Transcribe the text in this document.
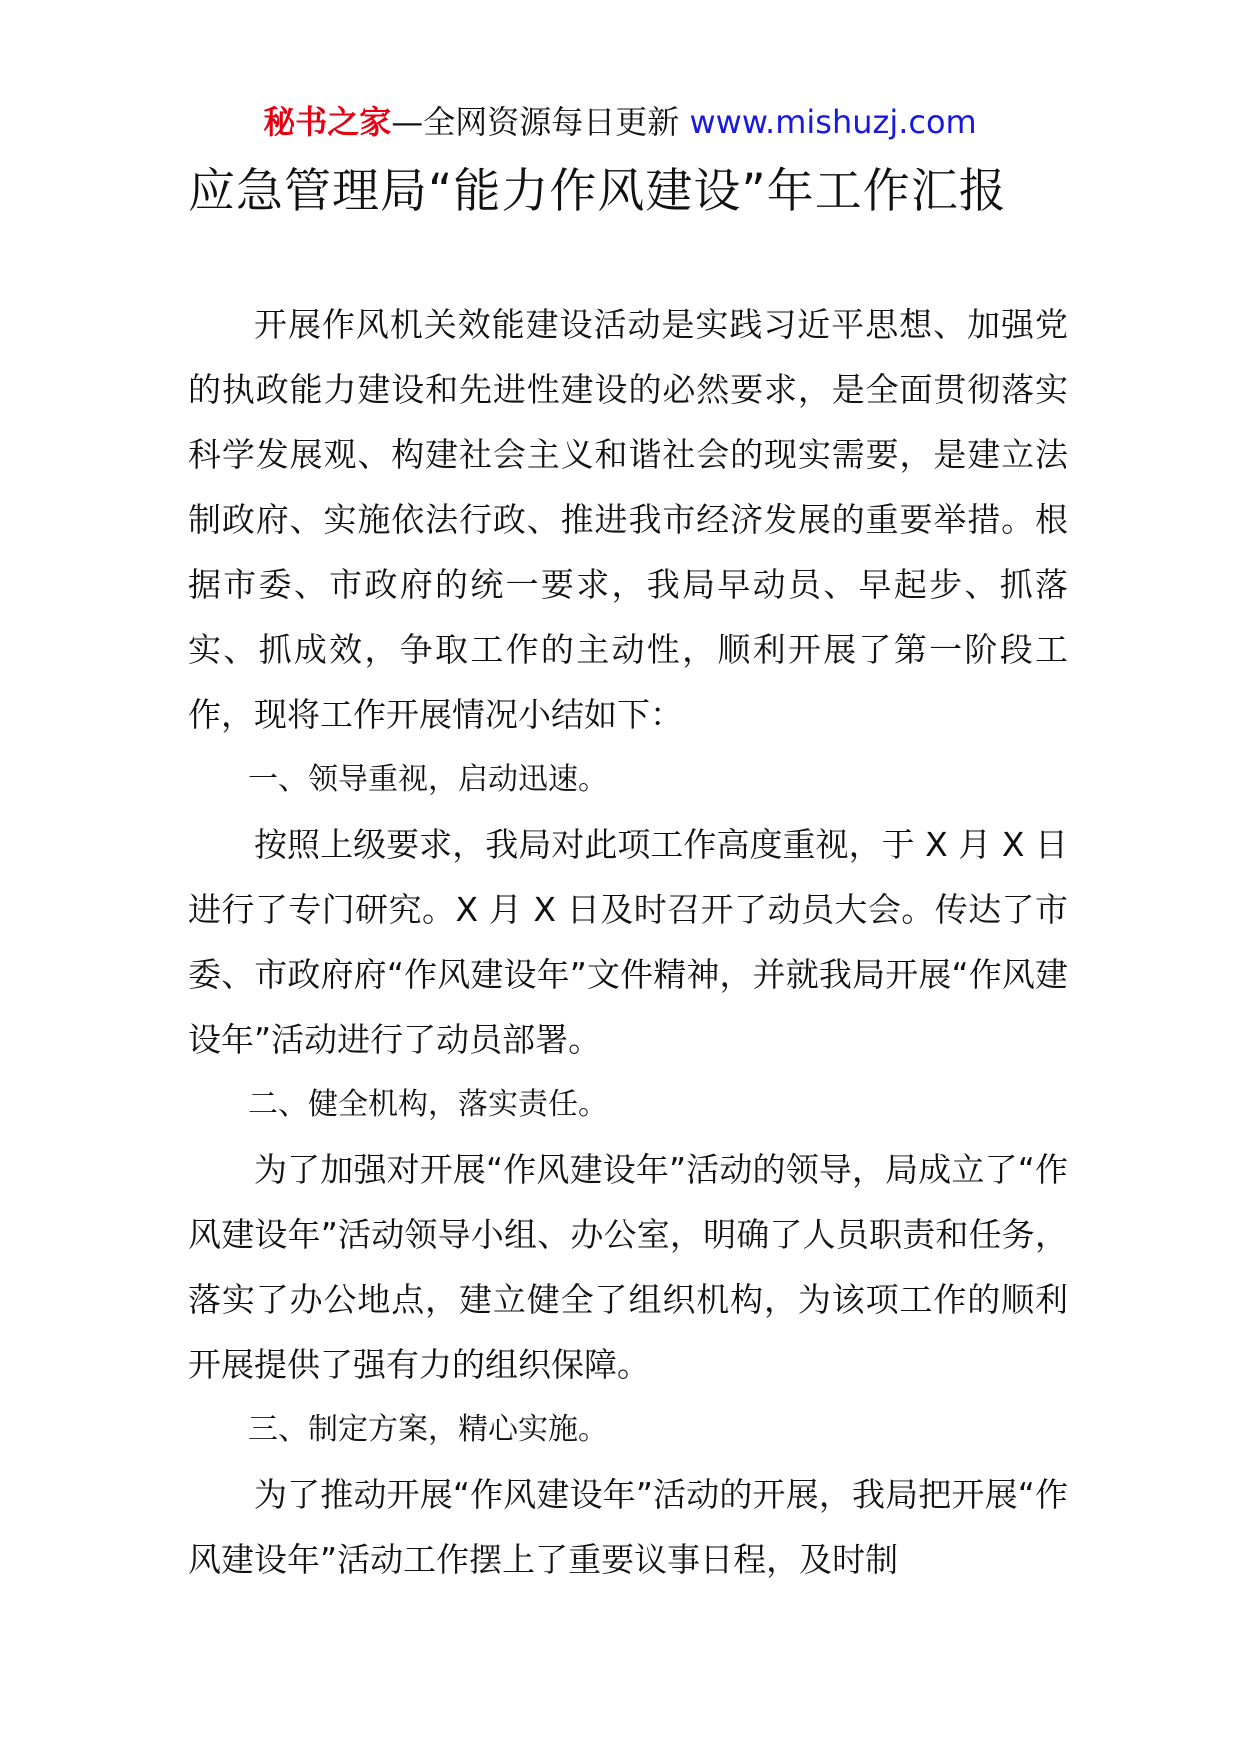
秘书之家—全网资源每日更新 www.mishuzj.com
应急管理局“能力作风建设”年工作汇报

开展作风机关效能建设活动是实践习近平思想、加强党的执政能力建设和先进性建设的必然要求，是全面贯彻落实科学发展观、构建社会主义和谐社会的现实需要，是建立法制政府、实施依法行政、推进我市经济发展的重要举措。根据市委、市政府的统一要求，我局早动员、早起步、抓落实、抓成效，争取工作的主动性，顺利开展了第一阶段工作，现将工作开展情况小结如下：

一、领导重视，启动迅速。

按照上级要求，我局对此项工作高度重视，于 X 月 X 日进行了专门研究。X 月 X 日及时召开了动员大会。传达了市委、市政府府“作风建设年”文件精神，并就我局开展“作风建设年”活动进行了动员部署。

二、健全机构，落实责任。

为了加强对开展“作风建设年”活动的领导，局成立了“作风建设年”活动领导小组、办公室，明确了人员职责和任务，落实了办公地点，建立健全了组织机构，为该项工作的顺利开展提供了强有力的组织保障。

三、制定方案，精心实施。

为了推动开展“作风建设年”活动的开展，我局把开展“作风建设年”活动工作摆上了重要议事日程，及时制
